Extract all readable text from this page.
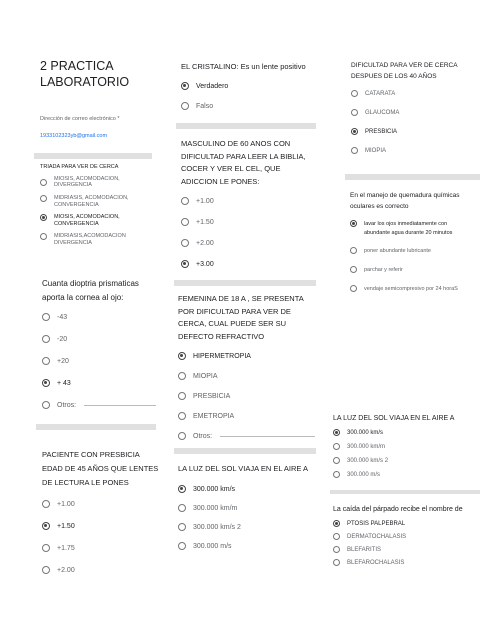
2 PRACTICA LABORATORIO
Dirección de correo electrónico *
1933102323yb@gmail.com
TRIADA PARA VER DE CERCA
MIOSIS, ACOMODACION, DIVERGENCIA
MIDRIASIS, ACOMODACION, CONVERGENCIA
MIOSIS, ACOMODACION, CONVERGENCIA
MIDRIASIS,ACOMODACION DIVERGENCIA
Cuanta dioptria prismaticas aporta la cornea al ojo:
-43
-20
+20
+ 43
Otros:
PACIENTE CON PRESBICIA EDAD DE 45 AÑOS QUE LENTES DE LECTURA LE PONES
+1.00
+1.50
+1.75
+2.00
EL CRISTALINO: Es un lente positivo
Verdadero
Falso
MASCULINO DE 60 ANOS CON DIFICULTAD PARA LEER LA BIBLIA, COCER Y VER EL CEL, QUE ADICCION LE PONES:
+1.00
+1.50
+2.00
+3.00
FEMENINA DE 18 A , SE PRESENTA POR DIFICULTAD PARA VER DE CERCA, CUAL PUEDE SER SU DEFECTO REFRACTIVO
HIPERMETROPIA
MIOPIA
PRESBICIA
EMETROPIA
Otros:
LA LUZ DEL SOL VIAJA EN EL AIRE A
300.000 km/s
300.000 km/m
300.000 km/s 2
300.000 m/s
DIFICULTAD PARA VER DE CERCA DESPUES DE LOS 40 AÑOS
CATARATA
GLAUCOMA
PRESBICIA
MIOPIA
En el manejo de quemadura químicas oculares es correcto
lavar los ojos inmediatamente con abundante agua durante 20 minutos
poner abundante lubricante
parchar y referir
vendaje semicompresivo por 24 horaS
LA LUZ DEL SOL VIAJA EN EL AIRE A
300.000 km/s
300.000 km/m
300.000 km/s 2
300.000 m/s
La caída del párpado recibe el nombre de
PTOSIS PALPEBRAL
DERMATOCHALASIS
BLEFARITIS
BLEFAROCHALASIS
